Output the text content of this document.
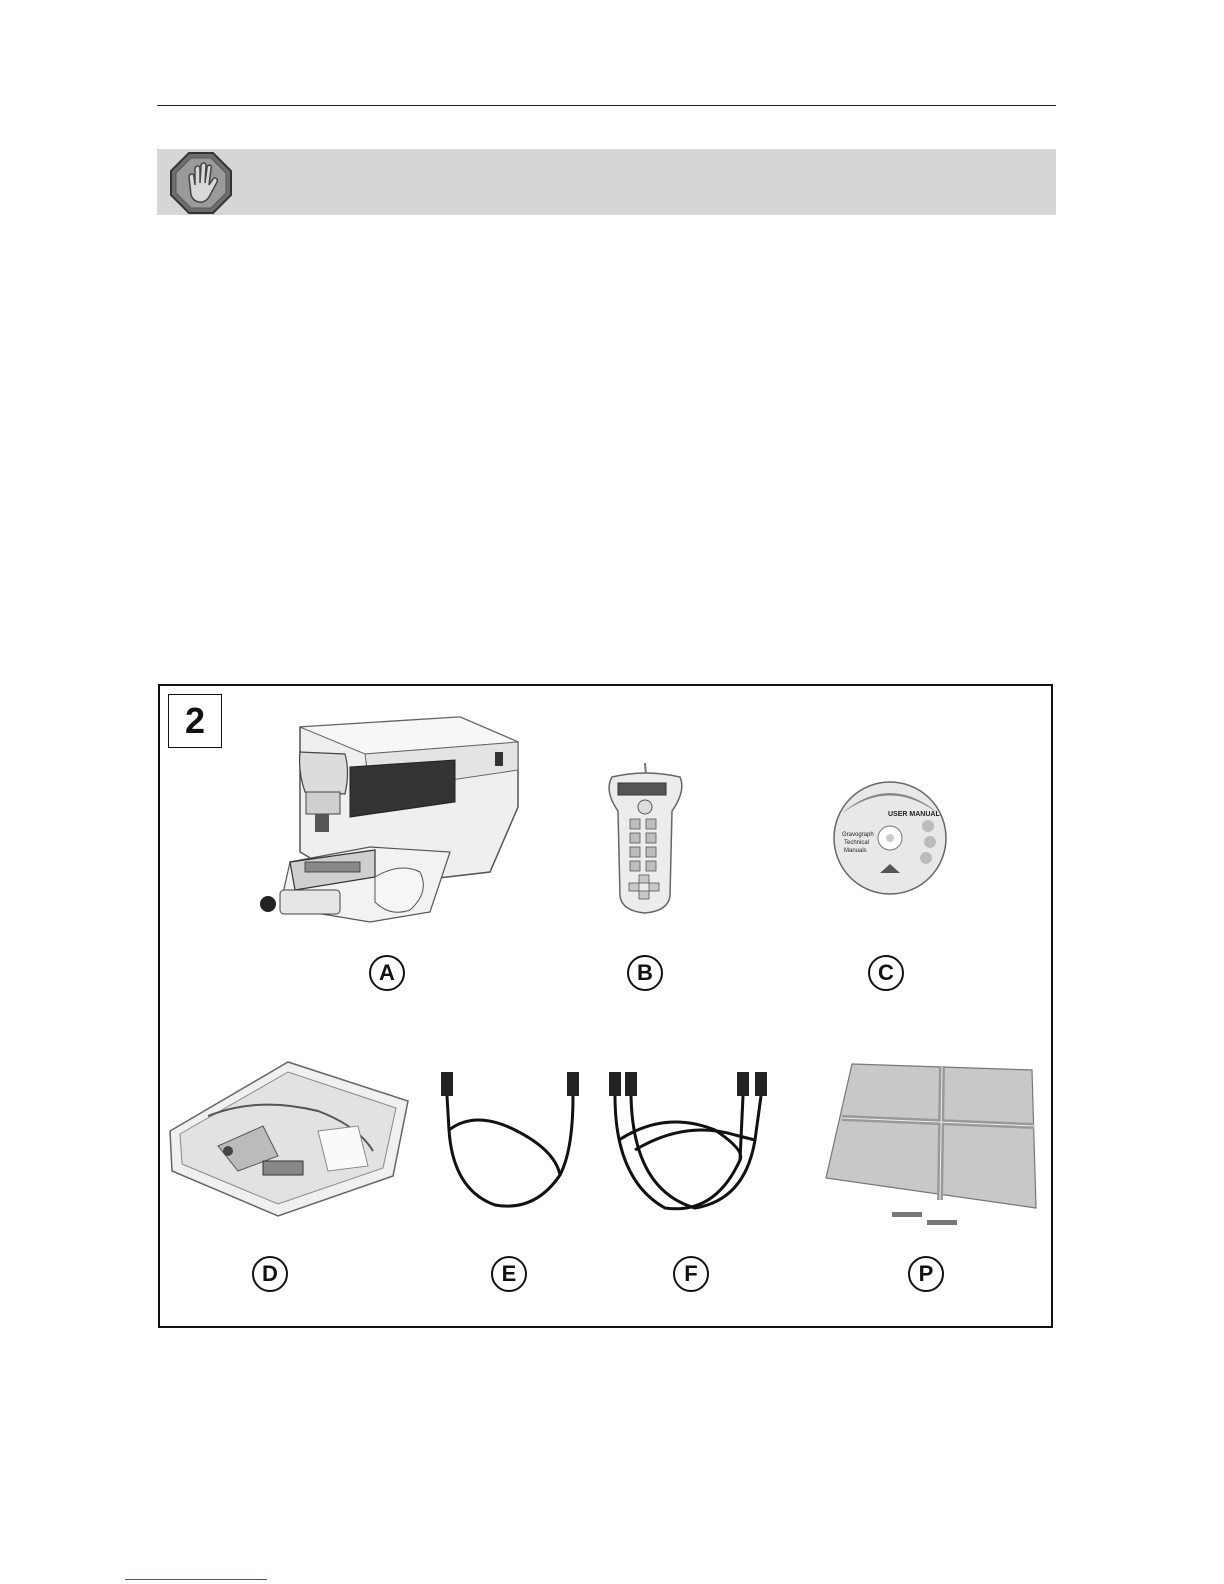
2
USER MANUAL
Gravograph
Technical
Manuals
A	B	C
D	E	F	P
